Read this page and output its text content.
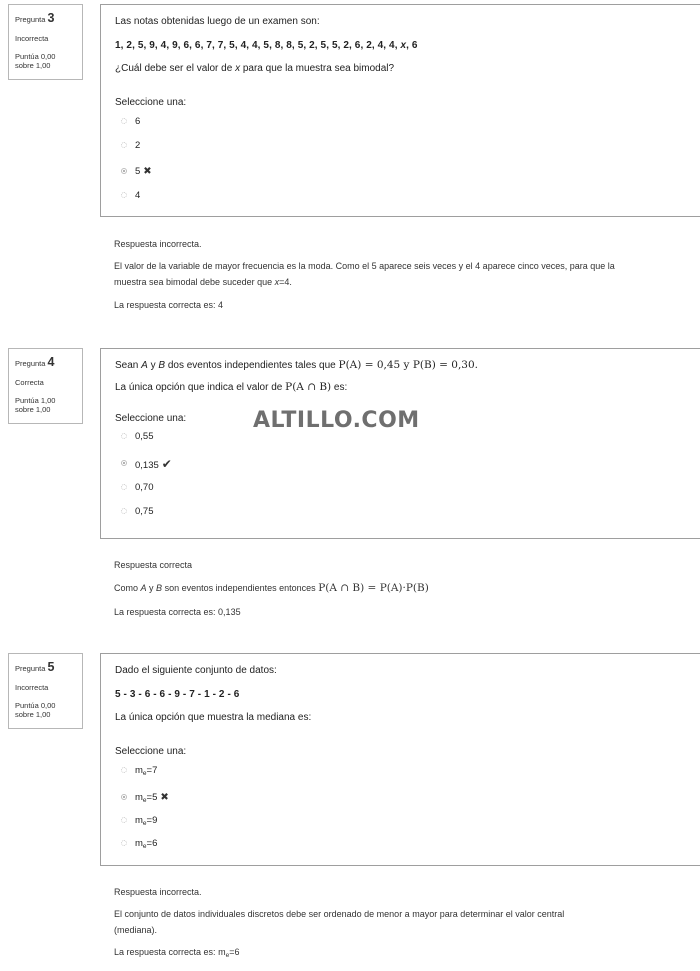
Pregunta 3
Incorrecta
Puntúa 0,00
sobre 1,00
Las notas obtenidas luego de un examen son:
1, 2, 5, 9, 4, 9, 6, 6, 7, 7, 5, 4, 4, 5, 8, 8, 5, 2, 5, 5, 2, 6, 2, 4, 4, x, 6
¿Cuál debe ser el valor de x para que la muestra sea bimodal?
Seleccione una:
6
2
5 ✖
4

Respuesta incorrecta.

El valor de la variable de mayor frecuencia es la moda. Como el 5 aparece seis veces y el 4 aparece cinco veces, para que la
muestra sea bimodal debe suceder que x=4.

La respuesta correcta es: 4

Pregunta 4
Correcta
Puntúa 1,00
sobre 1,00
Sean A y B dos eventos independientes tales que P(A) = 0,45 y P(B) = 0,30.
La única opción que indica el valor de P(A ∩ B) es:
Seleccione una:
0,55
0,135 ✔
0,70
0,75
ALTILLO.COM

Respuesta correcta

Como A y B son eventos independientes entonces P(A ∩ B) = P(A)·P(B)

La respuesta correcta es: 0,135

Pregunta 5
Incorrecta
Puntúa 0,00
sobre 1,00
Dado el siguiente conjunto de datos:
5 - 3 - 6 - 6 - 9 - 7 - 1 - 2 - 6
La única opción que muestra la mediana es:
Seleccione una:
$m_e=7$
$m_e=5$ ✖
$m_e=9$
$m_e=6$

Respuesta incorrecta.

El conjunto de datos individuales discretos debe ser ordenado de menor a mayor para determinar el valor central
(mediana).

La respuesta correcta es: $m_e=6$
